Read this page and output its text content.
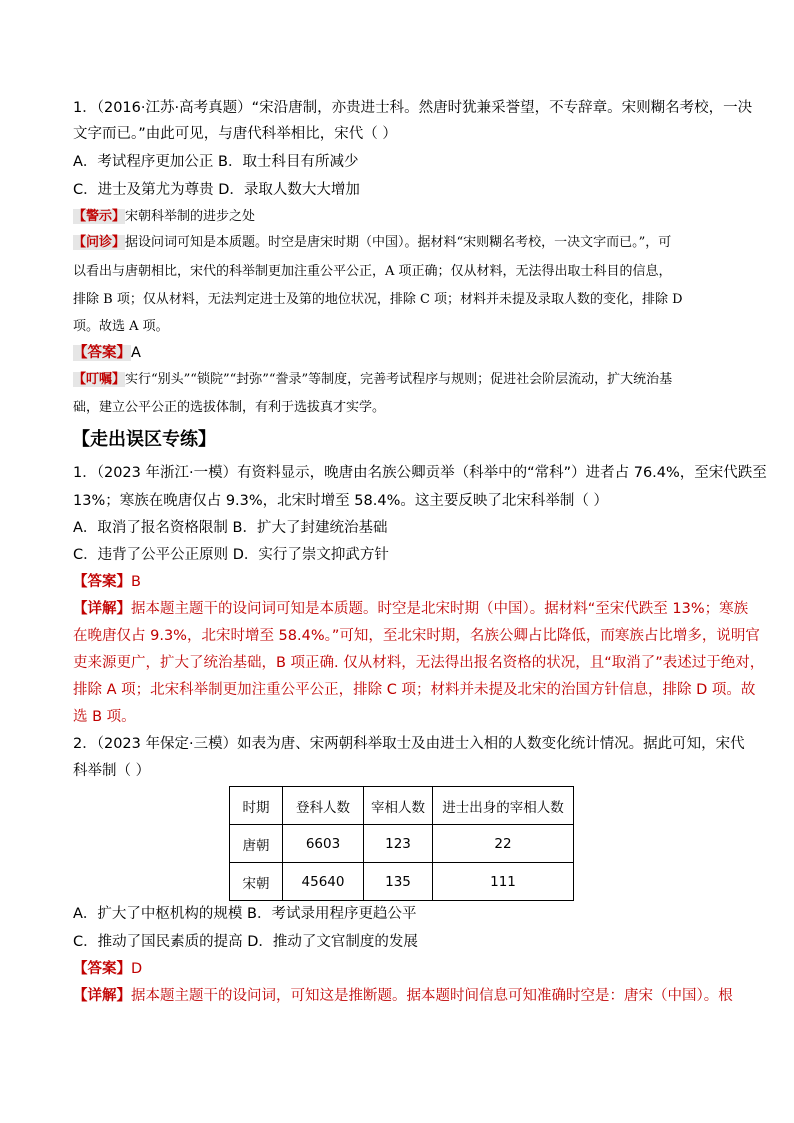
1．（2016·江苏·高考真题）“宋沿唐制，亦贵进士科。然唐时犹兼采誉望，不专辞章。宋则糊名考校，一决
文字而已。”由此可见，与唐代科举相比，宋代（ ）
A．考试程序更加公正 B．取士科目有所减少
C．进士及第尤为尊贵 D．录取人数大大增加
【警示】宋朝科举制的进步之处
【问诊】据设问词可知是本质题。时空是唐宋时期（中国）。据材料“宋则糊名考校，一决文字而已。”，可
以看出与唐朝相比，宋代的科举制更加注重公平公正，A 项正确；仅从材料，无法得出取士科目的信息，
排除 B 项；仅从材料，无法判定进士及第的地位状况，排除 C 项；材料并未提及录取人数的变化，排除 D
项。故选 A 项。
【答案】A
【叮嘱】实行“别头”“锁院”“封弥”“誊录”等制度，完善考试程序与规则；促进社会阶层流动，扩大统治基
础，建立公平公正的选拔体制，有利于选拔真才实学。
【走出误区专练】
1．（2023 年浙江·一模）有资料显示，晚唐由名族公卿贡举（科举中的“常科”）进者占 76.4%，至宋代跌至
13%；寒族在晚唐仅占 9.3%，北宋时增至 58.4%。这主要反映了北宋科举制（ ）
A．取消了报名资格限制 B．扩大了封建统治基础
C．违背了公平公正原则 D．实行了崇文抑武方针
【答案】B
【详解】据本题主题干的设问词可知是本质题。时空是北宋时期（中国）。据材料“至宋代跌至 13%；寒族
在晚唐仅占 9.3%，北宋时增至 58.4%。”可知，至北宋时期，名族公卿占比降低，而寒族占比增多，说明官
吏来源更广，扩大了统治基础，B 项正确. 仅从材料，无法得出报名资格的状况，且“取消了”表述过于绝对，
排除 A 项；北宋科举制更加注重公平公正，排除 C 项；材料并未提及北宋的治国方针信息，排除 D 项。故
选 B 项。
2．（2023 年保定·三模）如表为唐、宋两朝科举取士及由进士入相的人数变化统计情况。据此可知，宋代
科举制（ ）
时期	登科人数	宰相人数	进士出身的宰相人数
唐朝	6603	123	22
宋朝	45640	135	111
A．扩大了中枢机构的规模 B．考试录用程序更趋公平
C．推动了国民素质的提高 D．推动了文官制度的发展
【答案】D
【详解】据本题主题干的设问词，可知这是推断题。据本题时间信息可知准确时空是：唐宋（中国）。根
